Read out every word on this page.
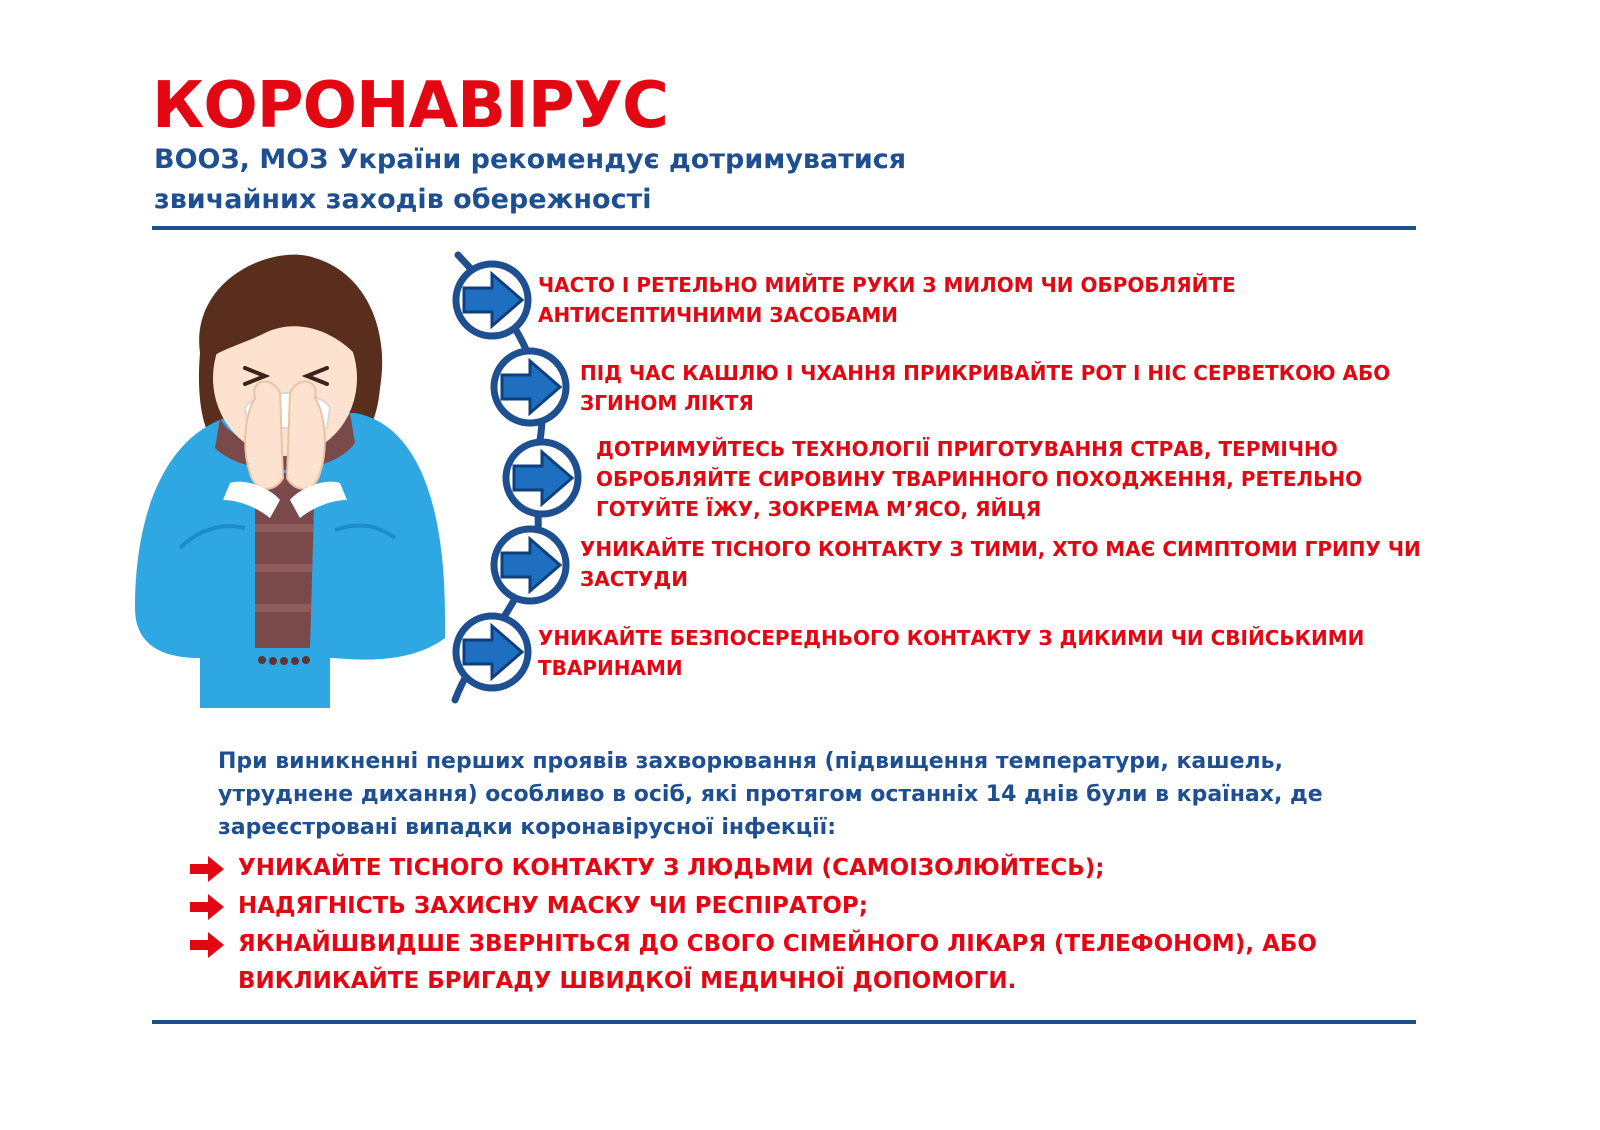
КОРОНАВІРУС
ВООЗ, МОЗ України рекомендує дотримуватися
звичайних заходів обережності
ЧАСТО І РЕТЕЛЬНО МИЙТЕ РУКИ З МИЛОМ ЧИ ОБРОБЛЯЙТЕ
АНТИСЕПТИЧНИМИ ЗАСОБАМИ
ПІД ЧАС КАШЛЮ І ЧХАННЯ ПРИКРИВАЙТЕ РОТ І НІС СЕРВЕТКОЮ АБО
ЗГИНОМ ЛІКТЯ
ДОТРИМУЙТЕСЬ ТЕХНОЛОГІЇ ПРИГОТУВАННЯ СТРАВ, ТЕРМІЧНО
ОБРОБЛЯЙТЕ СИРОВИНУ ТВАРИННОГО ПОХОДЖЕННЯ, РЕТЕЛЬНО
ГОТУЙТЕ ЇЖУ, ЗОКРЕМА М’ЯСО, ЯЙЦЯ
УНИКАЙТЕ ТІСНОГО КОНТАКТУ З ТИМИ, ХТО МАЄ СИМПТОМИ ГРИПУ ЧИ
ЗАСТУДИ
УНИКАЙТЕ БЕЗПОСЕРЕДНЬОГО КОНТАКТУ З ДИКИМИ ЧИ СВІЙСЬКИМИ
ТВАРИНАМИ
При виникненні перших проявів захворювання (підвищення температури, кашель,
утруднене дихання) особливо в осіб, які протягом останніх 14 днів були в країнах, де
зареєстровані випадки коронавірусної інфекції:
УНИКАЙТЕ ТІСНОГО КОНТАКТУ З ЛЮДЬМИ (САМОІЗОЛЮЙТЕСЬ);
НАДЯГНІСТЬ ЗАХИСНУ МАСКУ ЧИ РЕСПІРАТОР;
ЯКНАЙШВИДШЕ ЗВЕРНІТЬСЯ ДО СВОГО СІМЕЙНОГО ЛІКАРЯ (ТЕЛЕФОНОМ), АБО
ВИКЛИКАЙТЕ БРИГАДУ ШВИДКОЇ МЕДИЧНОЇ ДОПОМОГИ.
